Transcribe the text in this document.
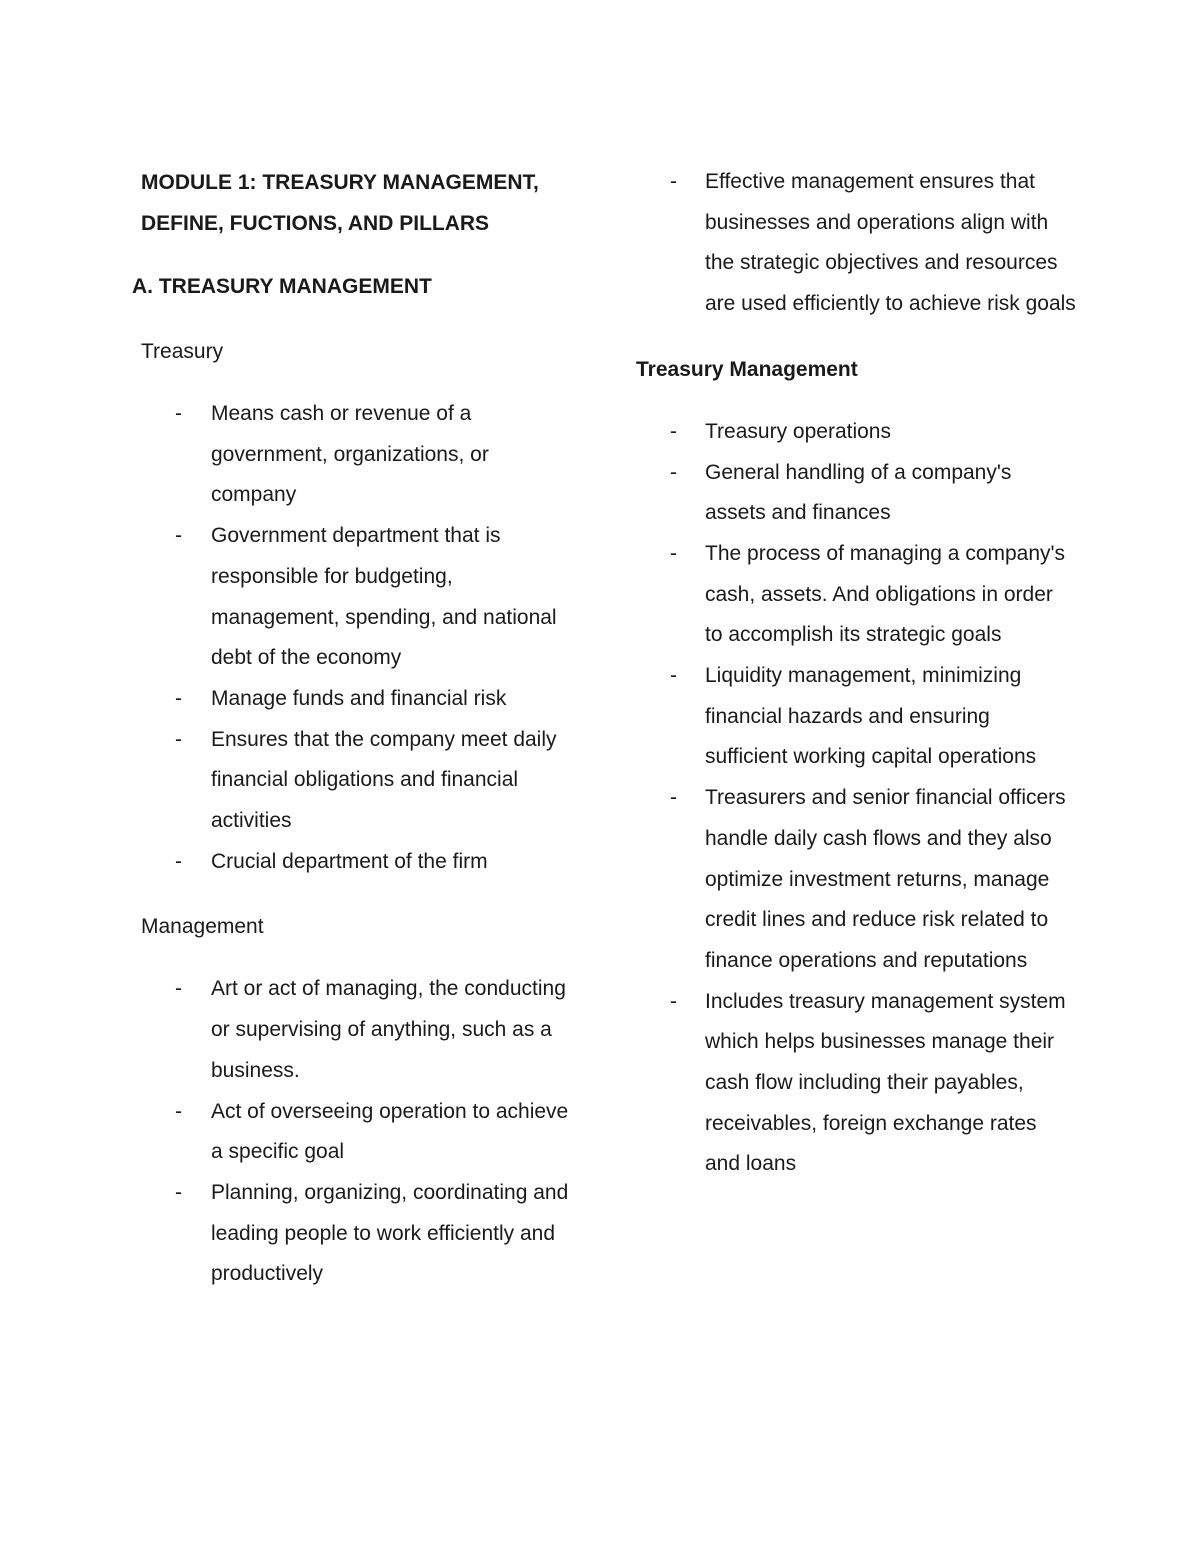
MODULE 1: TREASURY MANAGEMENT, DEFINE, FUCTIONS, AND PILLARS
A. TREASURY MANAGEMENT
Treasury
- Means cash or revenue of a government, organizations, or company
- Government department that is responsible for budgeting, management, spending, and national debt of the economy
- Manage funds and financial risk
- Ensures that the company meet daily financial obligations and financial activities
- Crucial department of the firm
Management
- Art or act of managing, the conducting or supervising of anything, such as a business.
- Act of overseeing operation to achieve a specific goal
- Planning, organizing, coordinating and leading people to work efficiently and productively
- Effective management ensures that businesses and operations align with the strategic objectives and resources are used efficiently to achieve risk goals
Treasury Management
- Treasury operations
- General handling of a company's assets and finances
- The process of managing a company's cash, assets. And obligations in order to accomplish its strategic goals
- Liquidity management, minimizing financial hazards and ensuring sufficient working capital operations
- Treasurers and senior financial officers handle daily cash flows and they also optimize investment returns, manage credit lines and reduce risk related to finance operations and reputations
- Includes treasury management system which helps businesses manage their cash flow including their payables, receivables, foreign exchange rates and loans
